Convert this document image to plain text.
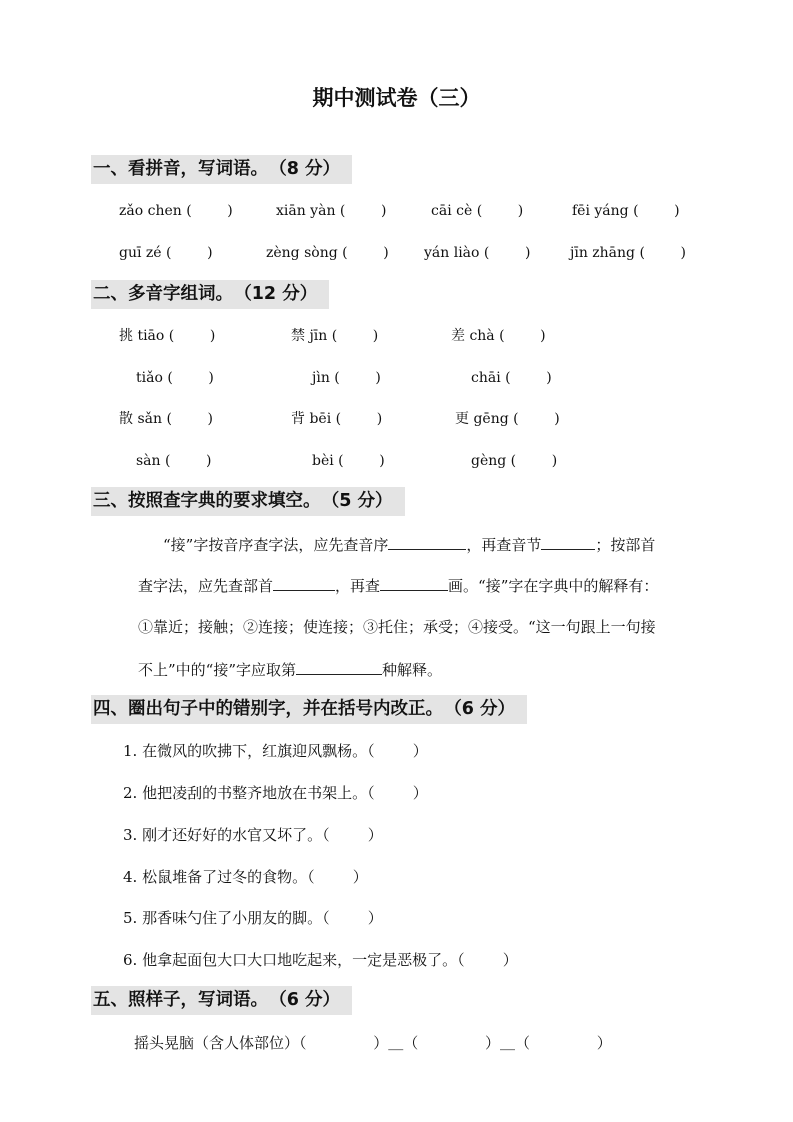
期中测试卷（三）
一、看拼音，写词语。 （8 分）
zǎo chen (        )	xiān yàn (        )	cāi cè (        )	fēi yáng (        )
guī zé (        )	zèng sòng (        )	yán liào (        )	jīn zhāng (        )
二、多音字组词。 （12 分）
挑 tiāo (        )	禁 jīn (        )	差 chà (        )
tiǎo (        )	jìn (        )	chāi (        )
散 sǎn (        )	背 bēi (        )	更 gēng (        )
sàn (        )	bèi (        )	gèng (        )
三、按照查字典的要求填空。 （5 分）
“接”字按音序查字法，应先查音序	，再查音节	；按部首
查字法，应先查部首	，再查	画。“接”字在字典中的解释有：
①靠近；接触；②连接；使连接；③托住；承受；④接受。“这一句跟上一句接
不上”中的“接”字应取第	种解释。
四、圈出句子中的错别字，并在括号内改正。 （6 分）
1. 在微风的吹拂下，红旗迎风飘杨。（        ）
2. 他把凌刮的书整齐地放在书架上。（        ）
3. 刚才还好好的水官又坏了。（        ）
4. 松鼠堆备了过冬的食物。（        ）
5. 那香味勺住了小朋友的脚。（        ）
6. 他拿起面包大口大口地吃起来，一定是恶极了。（        ）
五、照样子，写词语。 （6 分）
摇头晃脑（含人体部位）（              ）＿（              ）＿（              ）
